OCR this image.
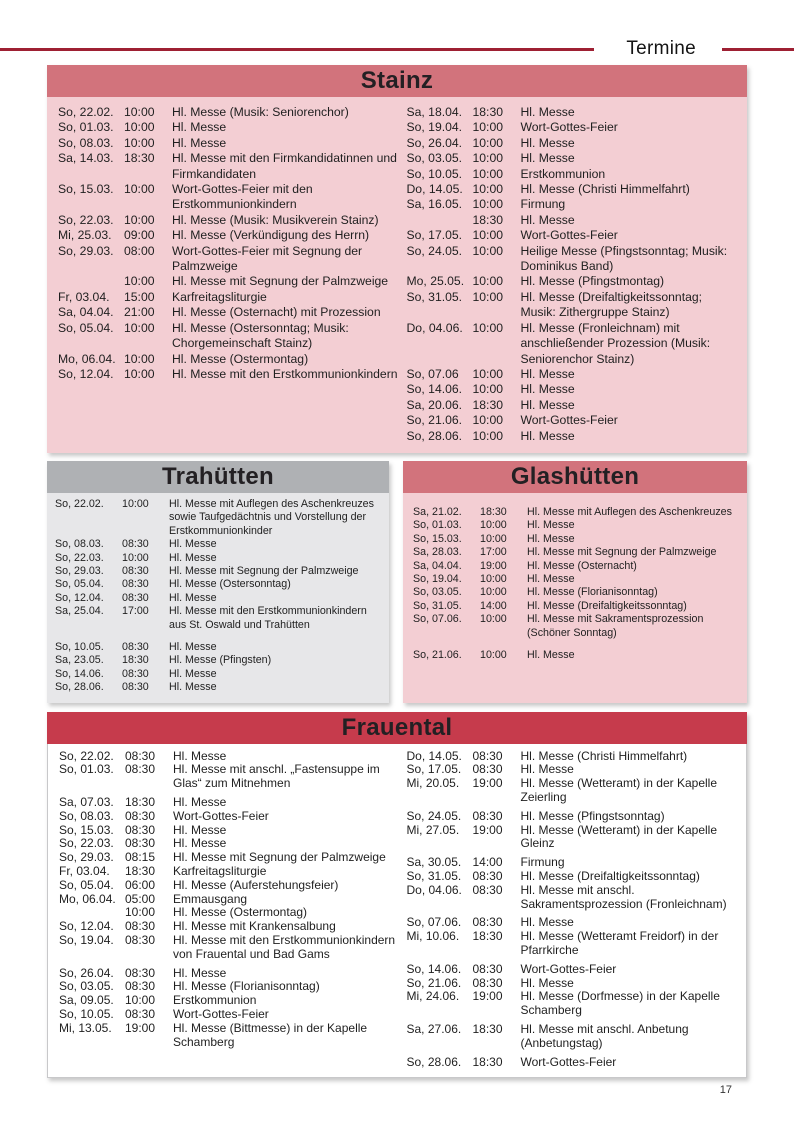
Termine
Stainz
So, 22.02. 10:00	Hl. Messe (Musik: Seniorenchor)
So, 01.03. 10:00	Hl. Messe
So, 08.03. 10:00	Hl. Messe
Sa, 14.03. 18:30	Hl. Messe mit den Firmkandidatinnen und Firmkandidaten
So, 15.03. 10:00	Wort-Gottes-Feier mit den Erstkommunionkindern
So, 22.03. 10:00	Hl. Messe (Musik: Musikverein Stainz)
Mi, 25.03.	09:00	Hl. Messe (Verkündigung des Herrn)
So, 29.03. 08:00	Wort-Gottes-Feier mit Segnung der Palmzweige
10:00	Hl. Messe mit Segnung der Palmzweige
Fr, 03.04.	15:00	Karfreitagsliturgie
Sa, 04.04. 21:00	Hl. Messe (Osternacht) mit Prozession
So, 05.04. 10:00	Hl. Messe (Ostersonntag; Musik: Chorgemeinschaft Stainz)
Mo, 06.04. 10:00	Hl. Messe (Ostermontag)
So, 12.04. 10:00	Hl. Messe mit den Erstkommunionkindern
Sa, 18.04. 18:30	Hl. Messe
So, 19.04. 10:00	Wort-Gottes-Feier
So, 26.04. 10:00	Hl. Messe
So, 03.05. 10:00	Hl. Messe
So, 10.05. 10:00	Erstkommunion
Do, 14.05. 10:00	Hl. Messe (Christi Himmelfahrt)
Sa, 16.05. 10:00	Firmung
18:30	Hl. Messe
So, 17.05. 10:00	Wort-Gottes-Feier
So, 24.05. 10:00	Heilige Messe (Pfingstsonntag; Musik: Dominikus Band)
Mo, 25.05. 10:00	Hl. Messe (Pfingstmontag)
So, 31.05. 10:00	Hl. Messe (Dreifaltigkeitssonntag; Musik: Zithergruppe Stainz)
Do, 04.06. 10:00	Hl. Messe (Fronleichnam) mit anschließender Prozession (Musik: Seniorenchor Stainz)
So, 07.06	10:00	Hl. Messe
So, 14.06. 10:00	Hl. Messe
Sa, 20.06. 18:30	Hl. Messe
So, 21.06. 10:00	Wort-Gottes-Feier
So, 28.06. 10:00	Hl. Messe
Trahütten
So, 22.02.	10:00	Hl. Messe mit Auflegen des Aschenkreuzes sowie Taufgedächtnis und Vorstellung der Erstkommunionkinder
So, 08.03.	08:30	Hl. Messe
So, 22.03.	10:00	Hl. Messe
So, 29.03.	08:30	Hl. Messe mit Segnung der Palmzweige
So, 05.04.	08:30	Hl. Messe (Ostersonntag)
So, 12.04.	08:30	Hl. Messe
Sa, 25.04.	17:00	Hl. Messe mit den Erstkommunionkindern aus St. Oswald und Trahütten
So, 10.05.	08:30	Hl. Messe
Sa, 23.05.	18:30	Hl. Messe (Pfingsten)
So, 14.06.	08:30	Hl. Messe
So, 28.06.	08:30	Hl. Messe
Glashütten
Sa, 21.02.	18:30	Hl. Messe mit Auflegen des Aschenkreuzes
So, 01.03.	10:00	Hl. Messe
So, 15.03.	10:00	Hl. Messe
Sa, 28.03.	17:00	Hl. Messe mit Segnung der Palmzweige
Sa, 04.04.	19:00	Hl. Messe (Osternacht)
So, 19.04.	10:00	Hl. Messe
So, 03.05.	10:00	Hl. Messe (Florianisonntag)
So, 31.05.	14:00	Hl. Messe (Dreifaltigkeitssonntag)
So, 07.06.	10:00	Hl. Messe mit Sakramentsprozession (Schöner Sonntag)
So, 21.06.	10:00	Hl. Messe
Frauental
So, 22.02. 08:30	Hl. Messe
So, 01.03. 08:30	Hl. Messe mit anschl. „Fastensuppe im Glas“ zum Mitnehmen
Sa, 07.03. 18:30	Hl. Messe
So, 08.03. 08:30	Wort-Gottes-Feier
So, 15.03. 08:30	Hl. Messe
So, 22.03. 08:30	Hl. Messe
So, 29.03. 08:15	Hl. Messe mit Segnung der Palmzweige
Fr, 03.04.	18:30	Karfreitagsliturgie
So, 05.04. 06:00	Hl. Messe (Auferstehungsfeier)
Mo, 06.04. 05:00	Emmausgang
10:00	Hl. Messe (Ostermontag)
So, 12.04. 08:30	Hl. Messe mit Krankensalbung
So, 19.04. 08:30	Hl. Messe mit den Erstkommunionkindern von Frauental und Bad Gams
So, 26.04. 08:30	Hl. Messe
So, 03.05. 08:30	Hl. Messe (Florianisonntag)
Sa, 09.05. 10:00	Erstkommunion
So, 10.05. 08:30	Wort-Gottes-Feier
Mi, 13.05.	19:00	Hl. Messe (Bittmesse) in der Kapelle Schamberg
Do, 14.05. 08:30	Hl. Messe (Christi Himmelfahrt)
So, 17.05. 08:30	Hl. Messe
Mi, 20.05.	19:00	Hl. Messe (Wetteramt) in der Kapelle Zeierling
So, 24.05. 08:30	Hl. Messe (Pfingstsonntag)
Mi, 27.05.	19:00	Hl. Messe (Wetteramt) in der Kapelle Gleinz
Sa, 30.05. 14:00	Firmung
So, 31.05. 08:30	Hl. Messe (Dreifaltigkeitssonntag)
Do, 04.06. 08:30	Hl. Messe mit anschl. Sakramentsprozession (Fronleichnam)
So, 07.06. 08:30	Hl. Messe
Mi, 10.06.	18:30	Hl. Messe (Wetteramt Freidorf) in der Pfarrkirche
So, 14.06. 08:30	Wort-Gottes-Feier
So, 21.06. 08:30	Hl. Messe
Mi, 24.06.	19:00	Hl. Messe (Dorfmesse) in der Kapelle Schamberg
Sa, 27.06. 18:30	Hl. Messe mit anschl. Anbetung (Anbetungstag)
So, 28.06. 18:30	Wort-Gottes-Feier
17
